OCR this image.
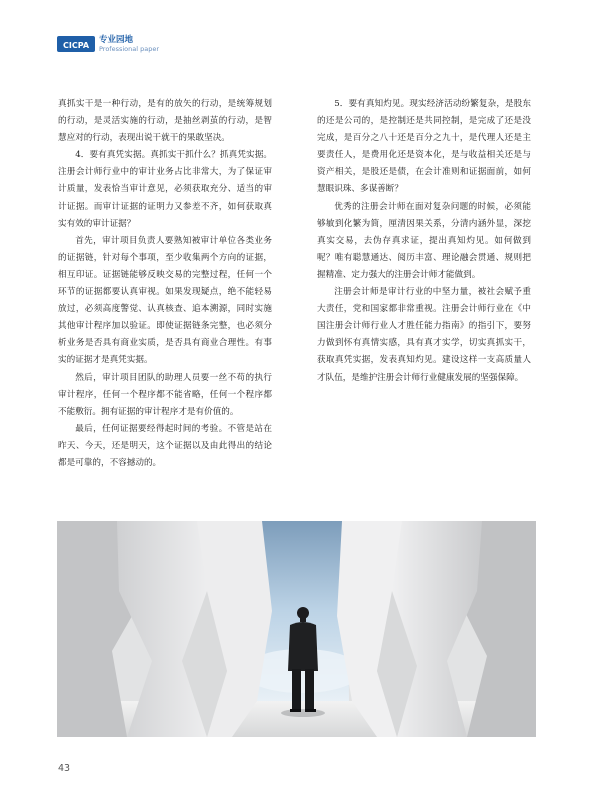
CICPA
专业园地
Professional paper

真抓实干是一种行动，是有的放矢的行动，是统筹规划的行动，是灵活实施的行动，是抽丝剥茧的行动，是智慧应对的行动，表现出说干就干的果敢坚决。

4．要有真凭实据。真抓实干抓什么？抓真凭实据。注册会计师行业中的审计业务占比非常大，为了保证审计质量，发表恰当审计意见，必须获取充分、适当的审计证据。而审计证据的证明力又参差不齐，如何获取真实有效的审计证据？

首先，审计项目负责人要熟知被审计单位各类业务的证据链，针对每个事项，至少收集两个方向的证据，相互印证。证据链能够反映交易的完整过程，任何一个环节的证据都要认真审视。如果发现疑点，绝不能轻易放过，必须高度警觉、认真核查、追本溯源，同时实施其他审计程序加以验证。即使证据链条完整，也必须分析业务是否具有商业实质，是否具有商业合理性。有事实的证据才是真凭实据。

然后，审计项目团队的助理人员要一丝不苟的执行审计程序，任何一个程序都不能省略，任何一个程序都不能敷衍。拥有证据的审计程序才是有价值的。

最后，任何证据要经得起时间的考验。不管是站在昨天、今天，还是明天，这个证据以及由此得出的结论都是可靠的，不容撼动的。

5．要有真知灼见。现实经济活动纷繁复杂，是股东的还是公司的，是控制还是共同控制，是完成了还是没完成，是百分之八十还是百分之九十，是代理人还是主要责任人，是费用化还是资本化，是与收益相关还是与资产相关，是股还是债，在会计准则和证据面前，如何慧眼识珠、多谋善断？

优秀的注册会计师在面对复杂问题的时候，必须能够敏到化繁为简，厘清因果关系，分清内涵外显，深挖真实交易，去伪存真求证，提出真知灼见。如何做到呢？唯有聪慧通达、阅历丰富、理论融会贯通、规则把握精准、定力强大的注册会计师才能做到。

注册会计师是审计行业的中坚力量，被社会赋予重大责任，党和国家都非常重视。注册会计师行业在《中国注册会计师行业人才胜任能力指南》的指引下，要努力做到怀有真情实感，具有真才实学，切实真抓实干，获取真凭实据，发表真知灼见。建设这样一支高质量人才队伍，是维护注册会计师行业健康发展的坚强保障。

43
